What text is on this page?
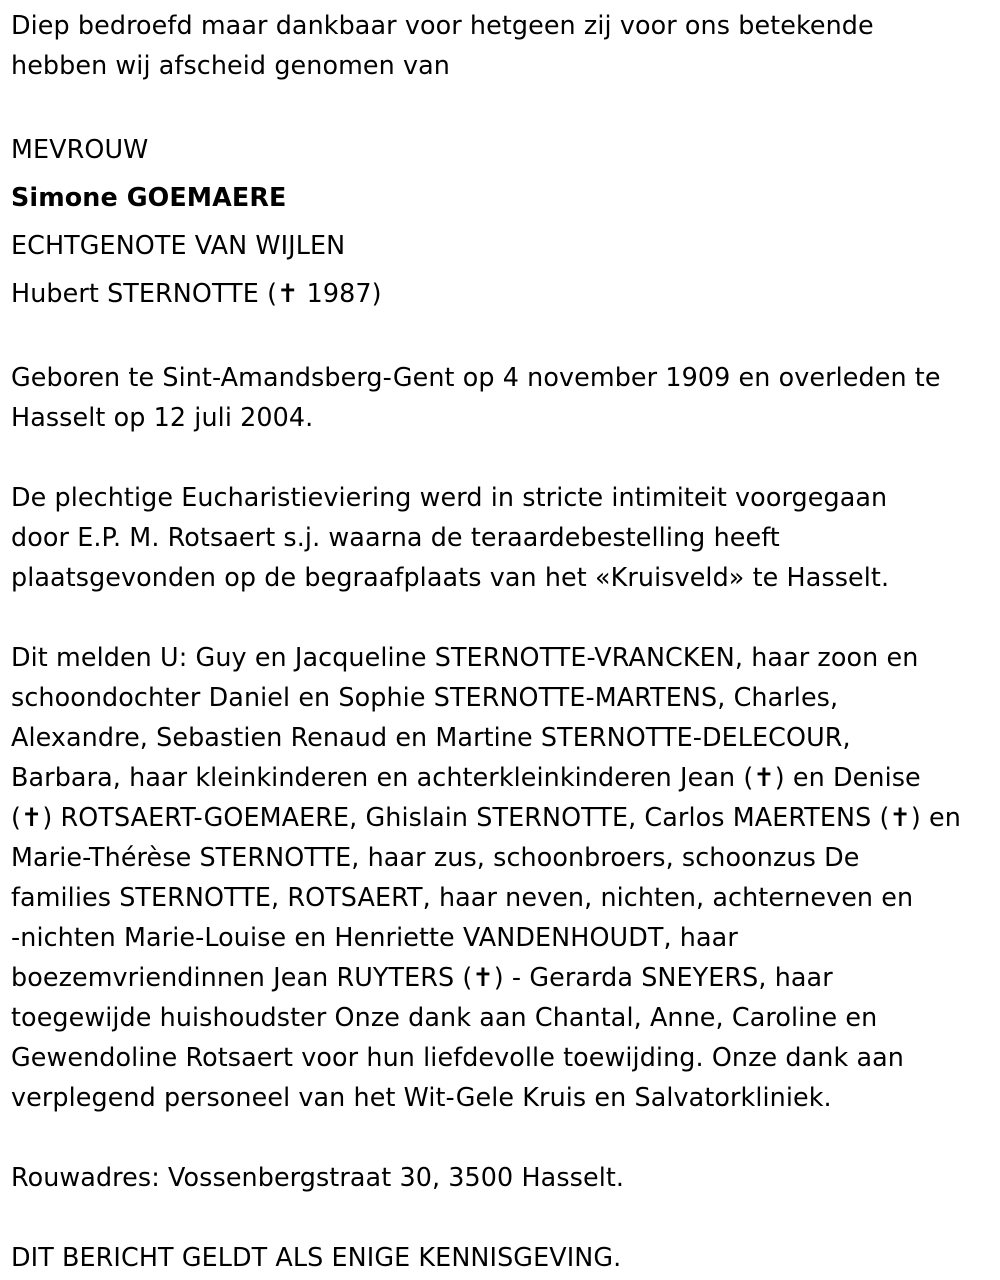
Diep bedroefd maar dankbaar voor hetgeen zij voor ons betekende

hebben wij afscheid genomen van

MEVROUW

Simone GOEMAERE

ECHTGENOTE VAN WIJLEN

Hubert STERNOTTE (✝ 1987)

Geboren te Sint-Amandsberg-Gent op 4 november 1909 en overleden te

Hasselt op 12 juli 2004.

De plechtige Eucharistieviering werd in stricte intimiteit voorgegaan

door E.P. M. Rotsaert s.j. waarna de teraardebestelling heeft

plaatsgevonden op de begraafplaats van het «Kruisveld» te Hasselt.

Dit melden U: Guy en Jacqueline STERNOTTE-VRANCKEN, haar zoon en

schoondochter Daniel en Sophie STERNOTTE-MARTENS, Charles,

Alexandre, Sebastien Renaud en Martine STERNOTTE-DELECOUR,

Barbara, haar kleinkinderen en achterkleinkinderen Jean (✝) en Denise

(✝) ROTSAERT-GOEMAERE, Ghislain STERNOTTE, Carlos MAERTENS (✝) en

Marie-Thérèse STERNOTTE, haar zus, schoonbroers, schoonzus De

families STERNOTTE, ROTSAERT, haar neven, nichten, achterneven en

-nichten Marie-Louise en Henriette VANDENHOUDT, haar

boezemvriendinnen Jean RUYTERS (✝) - Gerarda SNEYERS, haar

toegewijde huishoudster Onze dank aan Chantal, Anne, Caroline en

Gewendoline Rotsaert voor hun liefdevolle toewijding. Onze dank aan

verplegend personeel van het Wit-Gele Kruis en Salvatorkliniek.

Rouwadres: Vossenbergstraat 30, 3500 Hasselt.

DIT BERICHT GELDT ALS ENIGE KENNISGEVING.
